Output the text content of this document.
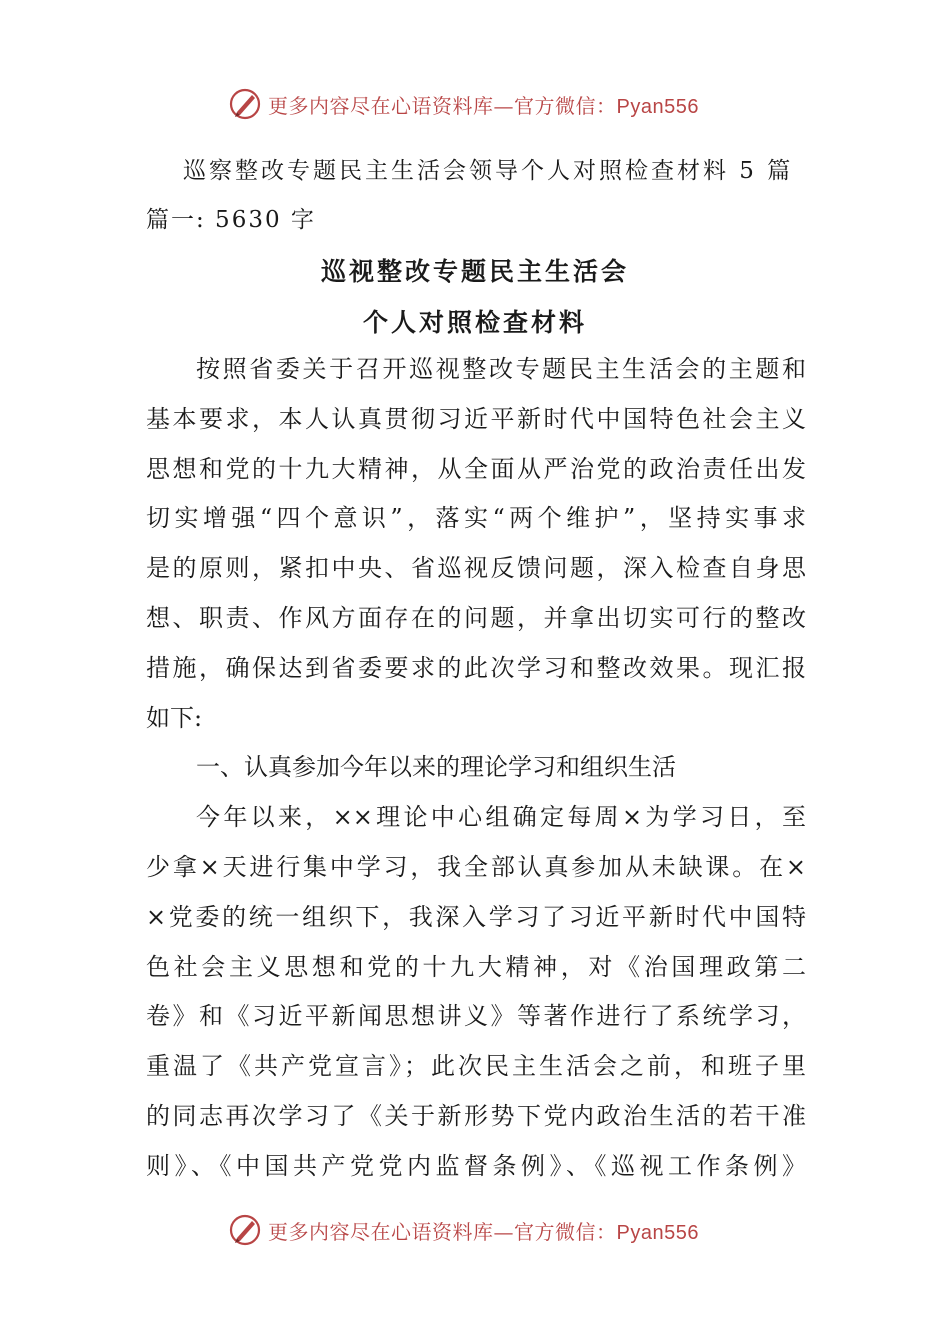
更多内容尽在心语资料库—官方微信：Pyan556
巡察整改专题民主生活会领导个人对照检查材料 5 篇
篇一: 5630 字
巡视整改专题民主生活会
个人对照检查材料
按照省委关于召开巡视整改专题民主生活会的主题和
基本要求，本人认真贯彻习近平新时代中国特色社会主义
思想和党的十九大精神，从全面从严治党的政治责任出发
切实增强“四个意识”，落实“两个维护”，坚持实事求
是的原则，紧扣中央、省巡视反馈问题，深入检查自身思
想、职责、作风方面存在的问题，并拿出切实可行的整改
措施，确保达到省委要求的此次学习和整改效果。现汇报
如下:
一、认真参加今年以来的理论学习和组织生活
今年以来，××理论中心组确定每周×为学习日，至
少拿×天进行集中学习，我全部认真参加从未缺课。在×
×党委的统一组织下，我深入学习了习近平新时代中国特
色社会主义思想和党的十九大精神，对《治国理政第二
卷》和《习近平新闻思想讲义》等著作进行了系统学习，
重温了《共产党宣言》；此次民主生活会之前，和班子里
的同志再次学习了《关于新形势下党内政治生活的若干准
则》、《中国共产党党内监督条例》、《巡视工作条例》
更多内容尽在心语资料库—官方微信：Pyan556
